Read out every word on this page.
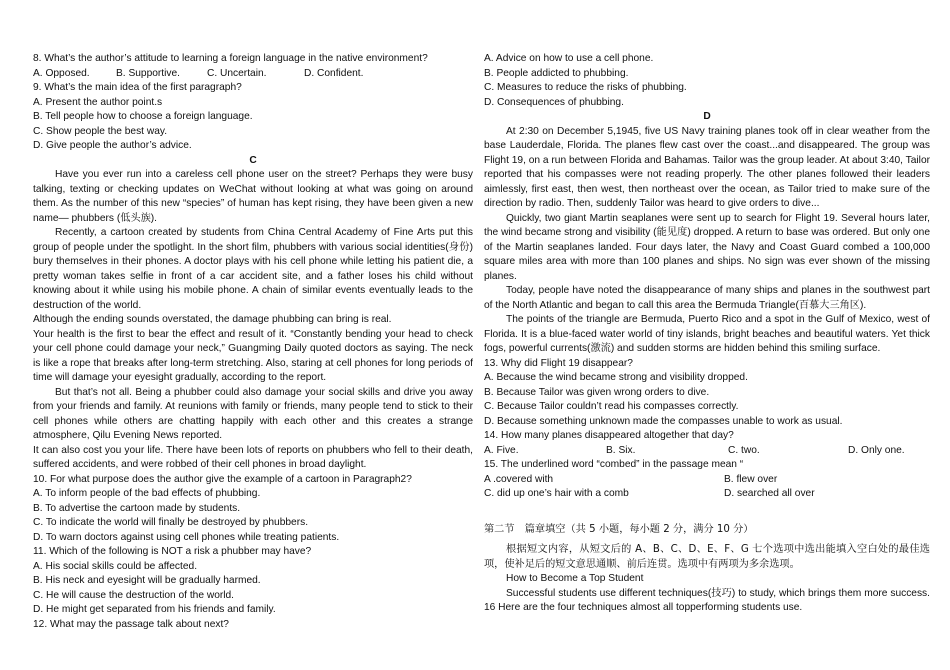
8. What’s the author’s attitude to learning a foreign language in the native environment?
A. Opposed.	B. Supportive.	C. Uncertain.	D. Confident.
9. What’s the main idea of the first paragraph?
A. Present the author point.s
B. Tell people how to choose a foreign language.
C. Show people the best way.
D. Give people the author’s advice.
C
Have you ever run into a careless cell phone user on the street? Perhaps they were busy talking, texting or checking updates on WeChat without looking at what was going on around them. As the number of this new “species” of human has kept rising, they have been given a new name— phubbers (低头族).
Recently, a cartoon created by students from China Central Academy of Fine Arts put this group of people under the spotlight. In the short film, phubbers with various social identities(身份) bury themselves in their phones. A doctor plays with his cell phone while letting his patient die, a pretty woman takes selfie in front of a car accident site, and a father loses his child without knowing about it while using his mobile phone. A chain of similar events eventually leads to the destruction of the world.
Although the ending sounds overstated, the damage phubbing can bring is real.
Your health is the first to bear the effect and result of it. “Constantly bending your head to check your cell phone could damage your neck,” Guangming Daily quoted doctors as saying. The neck is like a rope that breaks after long-term stretching. Also, staring at cell phones for long periods of time will damage your eyesight gradually, according to the report.
But that’s not all. Being a phubber could also damage your social skills and drive you away from your friends and family. At reunions with family or friends, many people tend to stick to their cell phones while others are chatting happily with each other and this creates a strange atmosphere, Qilu Evening News reported.
It can also cost you your life. There have been lots of reports on phubbers who fell to their death, suffered accidents, and were robbed of their cell phones in broad daylight.
10. For what purpose does the author give the example of a cartoon in Paragraph2?
A. To inform people of the bad effects of phubbing.
B. To advertise the cartoon made by students.
C. To indicate the world will finally be destroyed by phubbers.
D. To warn doctors against using cell phones while treating patients.
11. Which of the following is NOT a risk a phubber may have?
A. His social skills could be affected.
B. His neck and eyesight will be gradually harmed.
C. He will cause the destruction of the world.
D. He might get separated from his friends and family.
12. What may the passage talk about next?
A. Advice on how to use a cell phone.
B. People addicted to phubbing.
C. Measures to reduce the risks of phubbing.
D. Consequences of phubbing.
D
At 2:30 on December 5,1945, five US Navy training planes took off in clear weather from the base Lauderdale, Florida. The planes flew cast over the coast...and disappeared. The group was Flight 19, on a run between Florida and Bahamas. Tailor was the group leader. At about 3:40, Tailor reported that his compasses were not reading properly. The other planes followed their leaders aimlessly, first east, then west, then northeast over the ocean, as Tailor tried to make sure of the direction by radio. Then, suddenly Tailor was heard to give orders to dive...
Quickly, two giant Martin seaplanes were sent up to search for Flight 19. Several hours later, the wind became strong and visibility (能见度) dropped. A return to base was ordered. But only one of the Martin seaplanes landed. Four days later, the Navy and Coast Guard combed a 100,000 square miles area with more than 100 planes and ships. No sign was ever shown of the missing planes.
Today, people have noted the disappearance of many ships and planes in the southwest part of the North Atlantic and began to call this area the Bermuda Triangle(百慕大三角区).
The points of the triangle are Bermuda, Puerto Rico and a spot in the Gulf of Mexico, west of Florida. It is a blue-faced water world of tiny islands, bright beaches and beautiful waters. Yet thick fogs, powerful currents(激流) and sudden storms are hidden behind this smiling surface.
13. Why did Flight 19 disappear?
A. Because the wind became strong and visibility dropped.
B. Because Tailor was given wrong orders to dive.
C. Because Tailor couldn’t read his compasses correctly.
D. Because something unknown made the compasses unable to work as usual.
14. How many planes disappeared altogether that day?
A. Five.	B. Six.	C. two.	D. Only one.
15. The underlined word “combed” in the passage mean “
A .covered with	B. flew over
C. did up one’s hair with a comb	D. searched all over
第二节　篇章填空（共 5 小题，每小题 2 分，满分 10 分）
根据短文内容，从短文后的 A、B、C、D、E、F、G 七个选项中选出能填入空白处的最佳选项，使补足后的短文意思通顺、前后连贯。选项中有两项为多余选项。
How to Become a Top Student
Successful students use different techniques(技巧) to study, which brings them more success. 16 Here are the four techniques almost all topperforming students use.
